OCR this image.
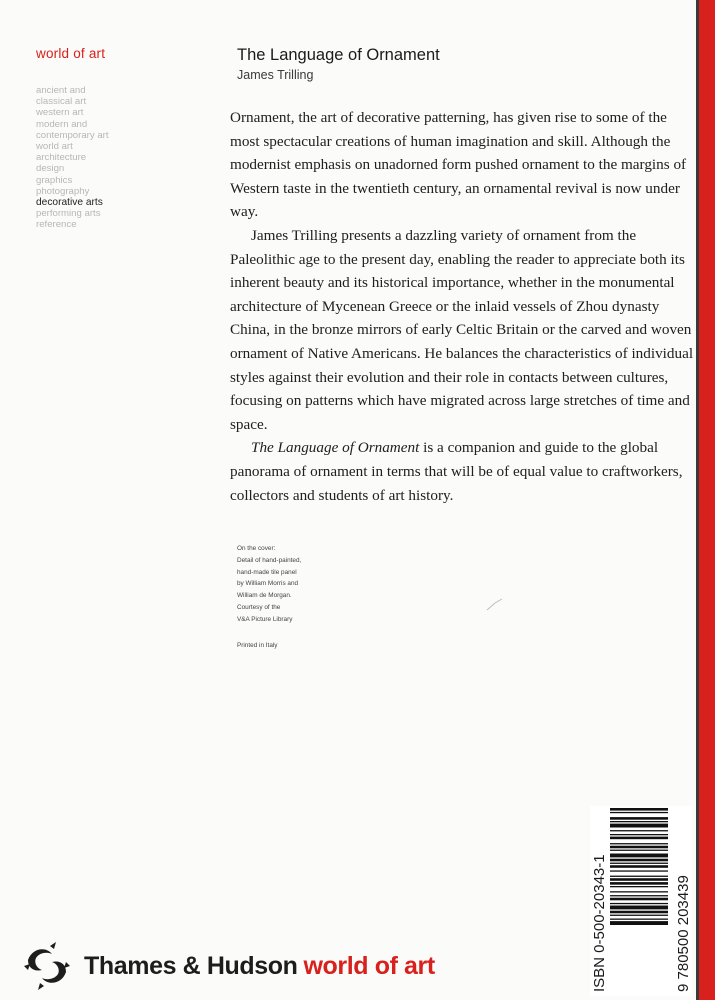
world of art
ancient and
classical art
western art
modern and
contemporary art
world art
architecture
design
graphics
photography
decorative arts
performing arts
reference
The Language of Ornament

James Trilling

Ornament, the art of decorative patterning, has given rise to some of the most spectacular creations of human imagination and skill. Although the modernist emphasis on unadorned form pushed ornament to the margins of Western taste in the twentieth century, an ornamental revival is now under way.

James Trilling presents a dazzling variety of ornament from the Paleolithic age to the present day, enabling the reader to appreciate both its inherent beauty and its historical importance, whether in the monumental architecture of Mycenean Greece or the inlaid vessels of Zhou dynasty China, in the bronze mirrors of early Celtic Britain or the carved and woven ornament of Native Americans. He balances the characteristics of individual styles against their evolution and their role in contacts between cultures, focusing on patterns which have migrated across large stretches of time and space.

The Language of Ornament is a companion and guide to the global panorama of ornament in terms that will be of equal value to craftworkers, collectors and students of art history.

On the cover:
Detail of hand-painted,
hand-made tile panel
by William Morris and
William de Morgan.
Courtesy of the
V&A Picture Library
Printed in Italy
ISBN 0-500-20343-1	9 780500 203439
Thames & Hudson world of art
